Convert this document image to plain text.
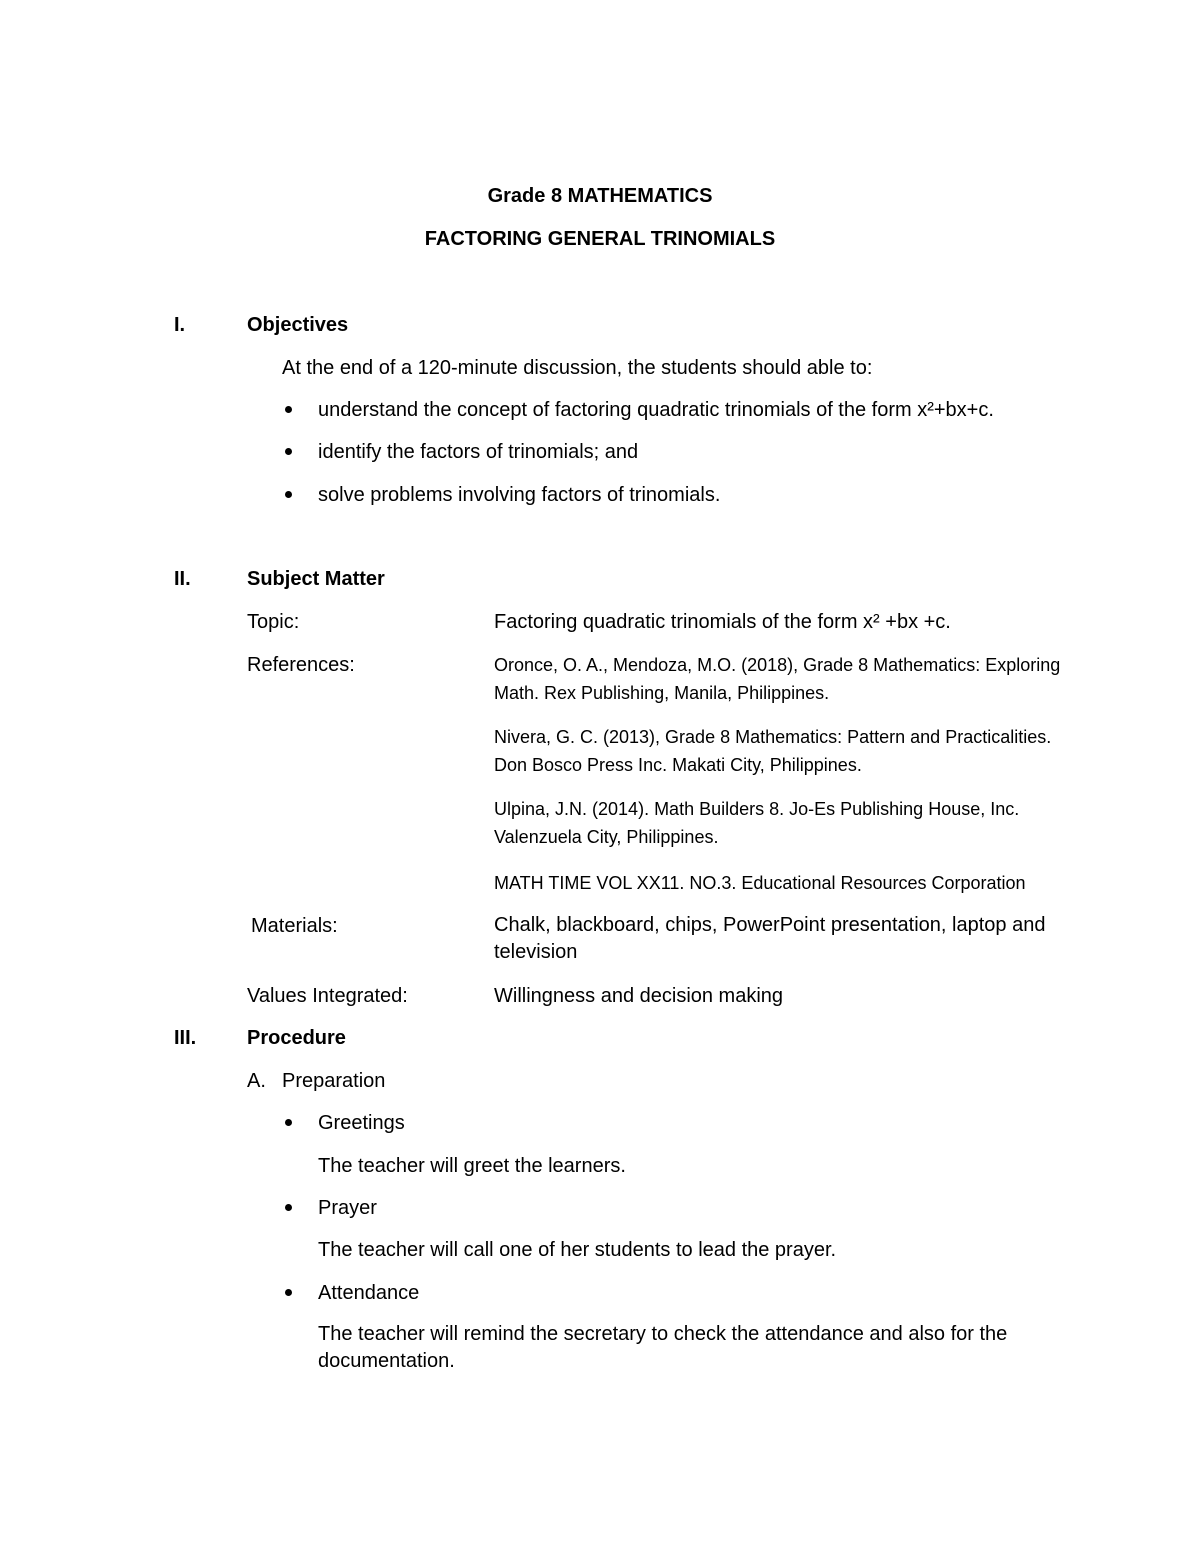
Grade 8 MATHEMATICS

FACTORING GENERAL TRINOMIALS

I.	Objectives

At the end of a 120-minute discussion, the students should able to:

understand the concept of factoring quadratic trinomials of the form x²+bx+c.

identify the factors of trinomials; and

solve problems involving factors of trinomials.

II.	Subject Matter

Topic:	Factoring quadratic trinomials of the form x² +bx +c.

References:	Oronce, O. A., Mendoza, M.O. (2018), Grade 8 Mathematics: Exploring Math. Rex Publishing, Manila, Philippines.

Nivera, G. C. (2013), Grade 8 Mathematics: Pattern and Practicalities. Don Bosco Press Inc. Makati City, Philippines.

Ulpina, J.N. (2014). Math Builders 8. Jo-Es Publishing House, Inc. Valenzuela City, Philippines.

MATH TIME VOL XX11. NO.3. Educational Resources Corporation

Materials:	Chalk, blackboard, chips, PowerPoint presentation, laptop and television

Values Integrated:	Willingness and decision making

III.	Procedure

A. Preparation

Greetings

The teacher will greet the learners.

Prayer

The teacher will call one of her students to lead the prayer.

Attendance

The teacher will remind the secretary to check the attendance and also for the documentation.
